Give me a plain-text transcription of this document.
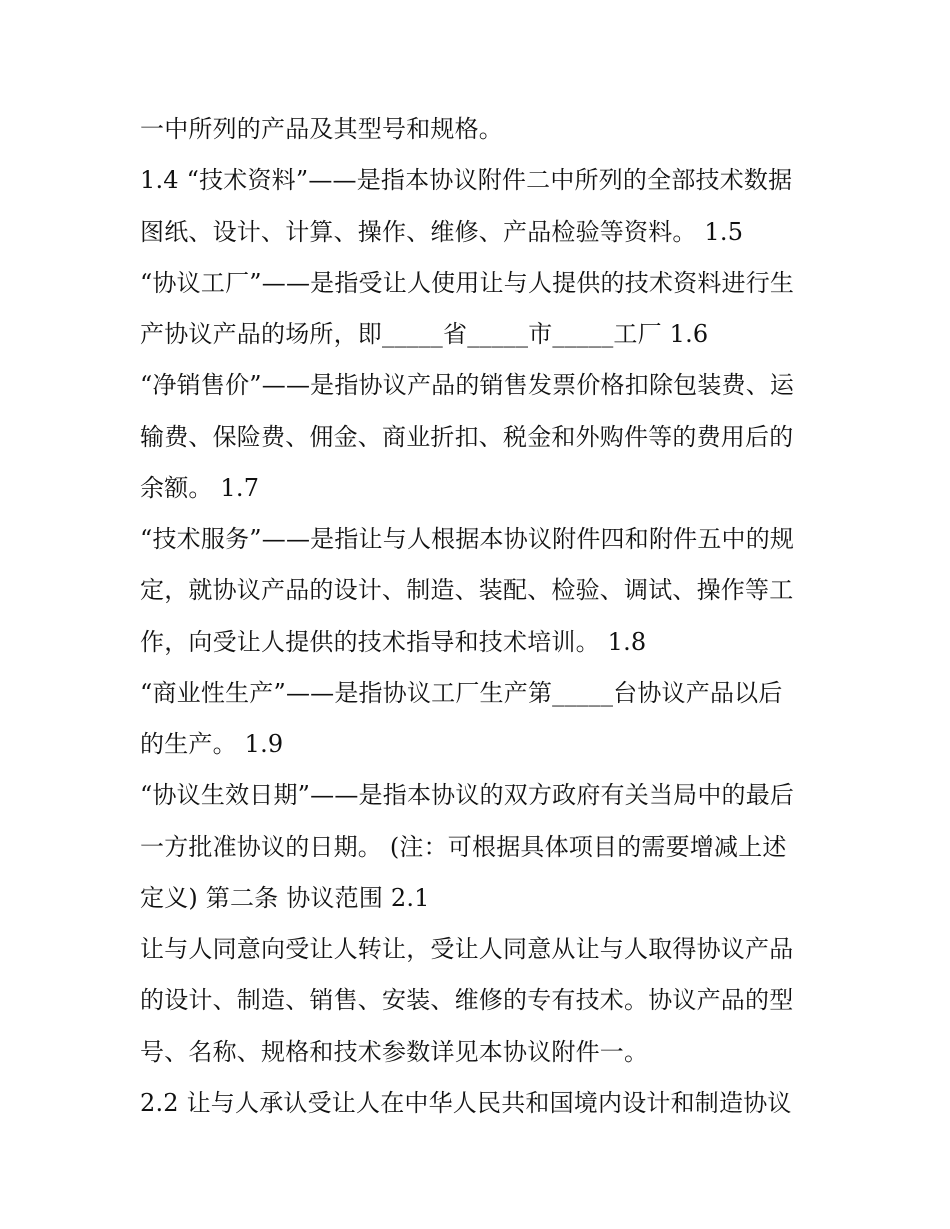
一中所列的产品及其型号和规格。
1.4 “技术资料”——是指本协议附件二中所列的全部技术数据
图纸、设计、计算、操作、维修、产品检验等资料。 1.5
“协议工厂”——是指受让人使用让与人提供的技术资料进行生
产协议产品的场所，即_____省_____市_____工厂 1.6
“净销售价”——是指协议产品的销售发票价格扣除包装费、运
输费、保险费、佣金、商业折扣、税金和外购件等的费用后的
余额。 1.7
“技术服务”——是指让与人根据本协议附件四和附件五中的规
定，就协议产品的设计、制造、装配、检验、调试、操作等工
作，向受让人提供的技术指导和技术培训。 1.8
“商业性生产”——是指协议工厂生产第_____台协议产品以后
的生产。 1.9
“协议生效日期”——是指本协议的双方政府有关当局中的最后
一方批准协议的日期。 (注：可根据具体项目的需要增减上述
定义) 第二条 协议范围 2.1
让与人同意向受让人转让，受让人同意从让与人取得协议产品
的设计、制造、销售、安装、维修的专有技术。协议产品的型
号、名称、规格和技术参数详见本协议附件一。
2.2 让与人承认受让人在中华人民共和国境内设计和制造协议
